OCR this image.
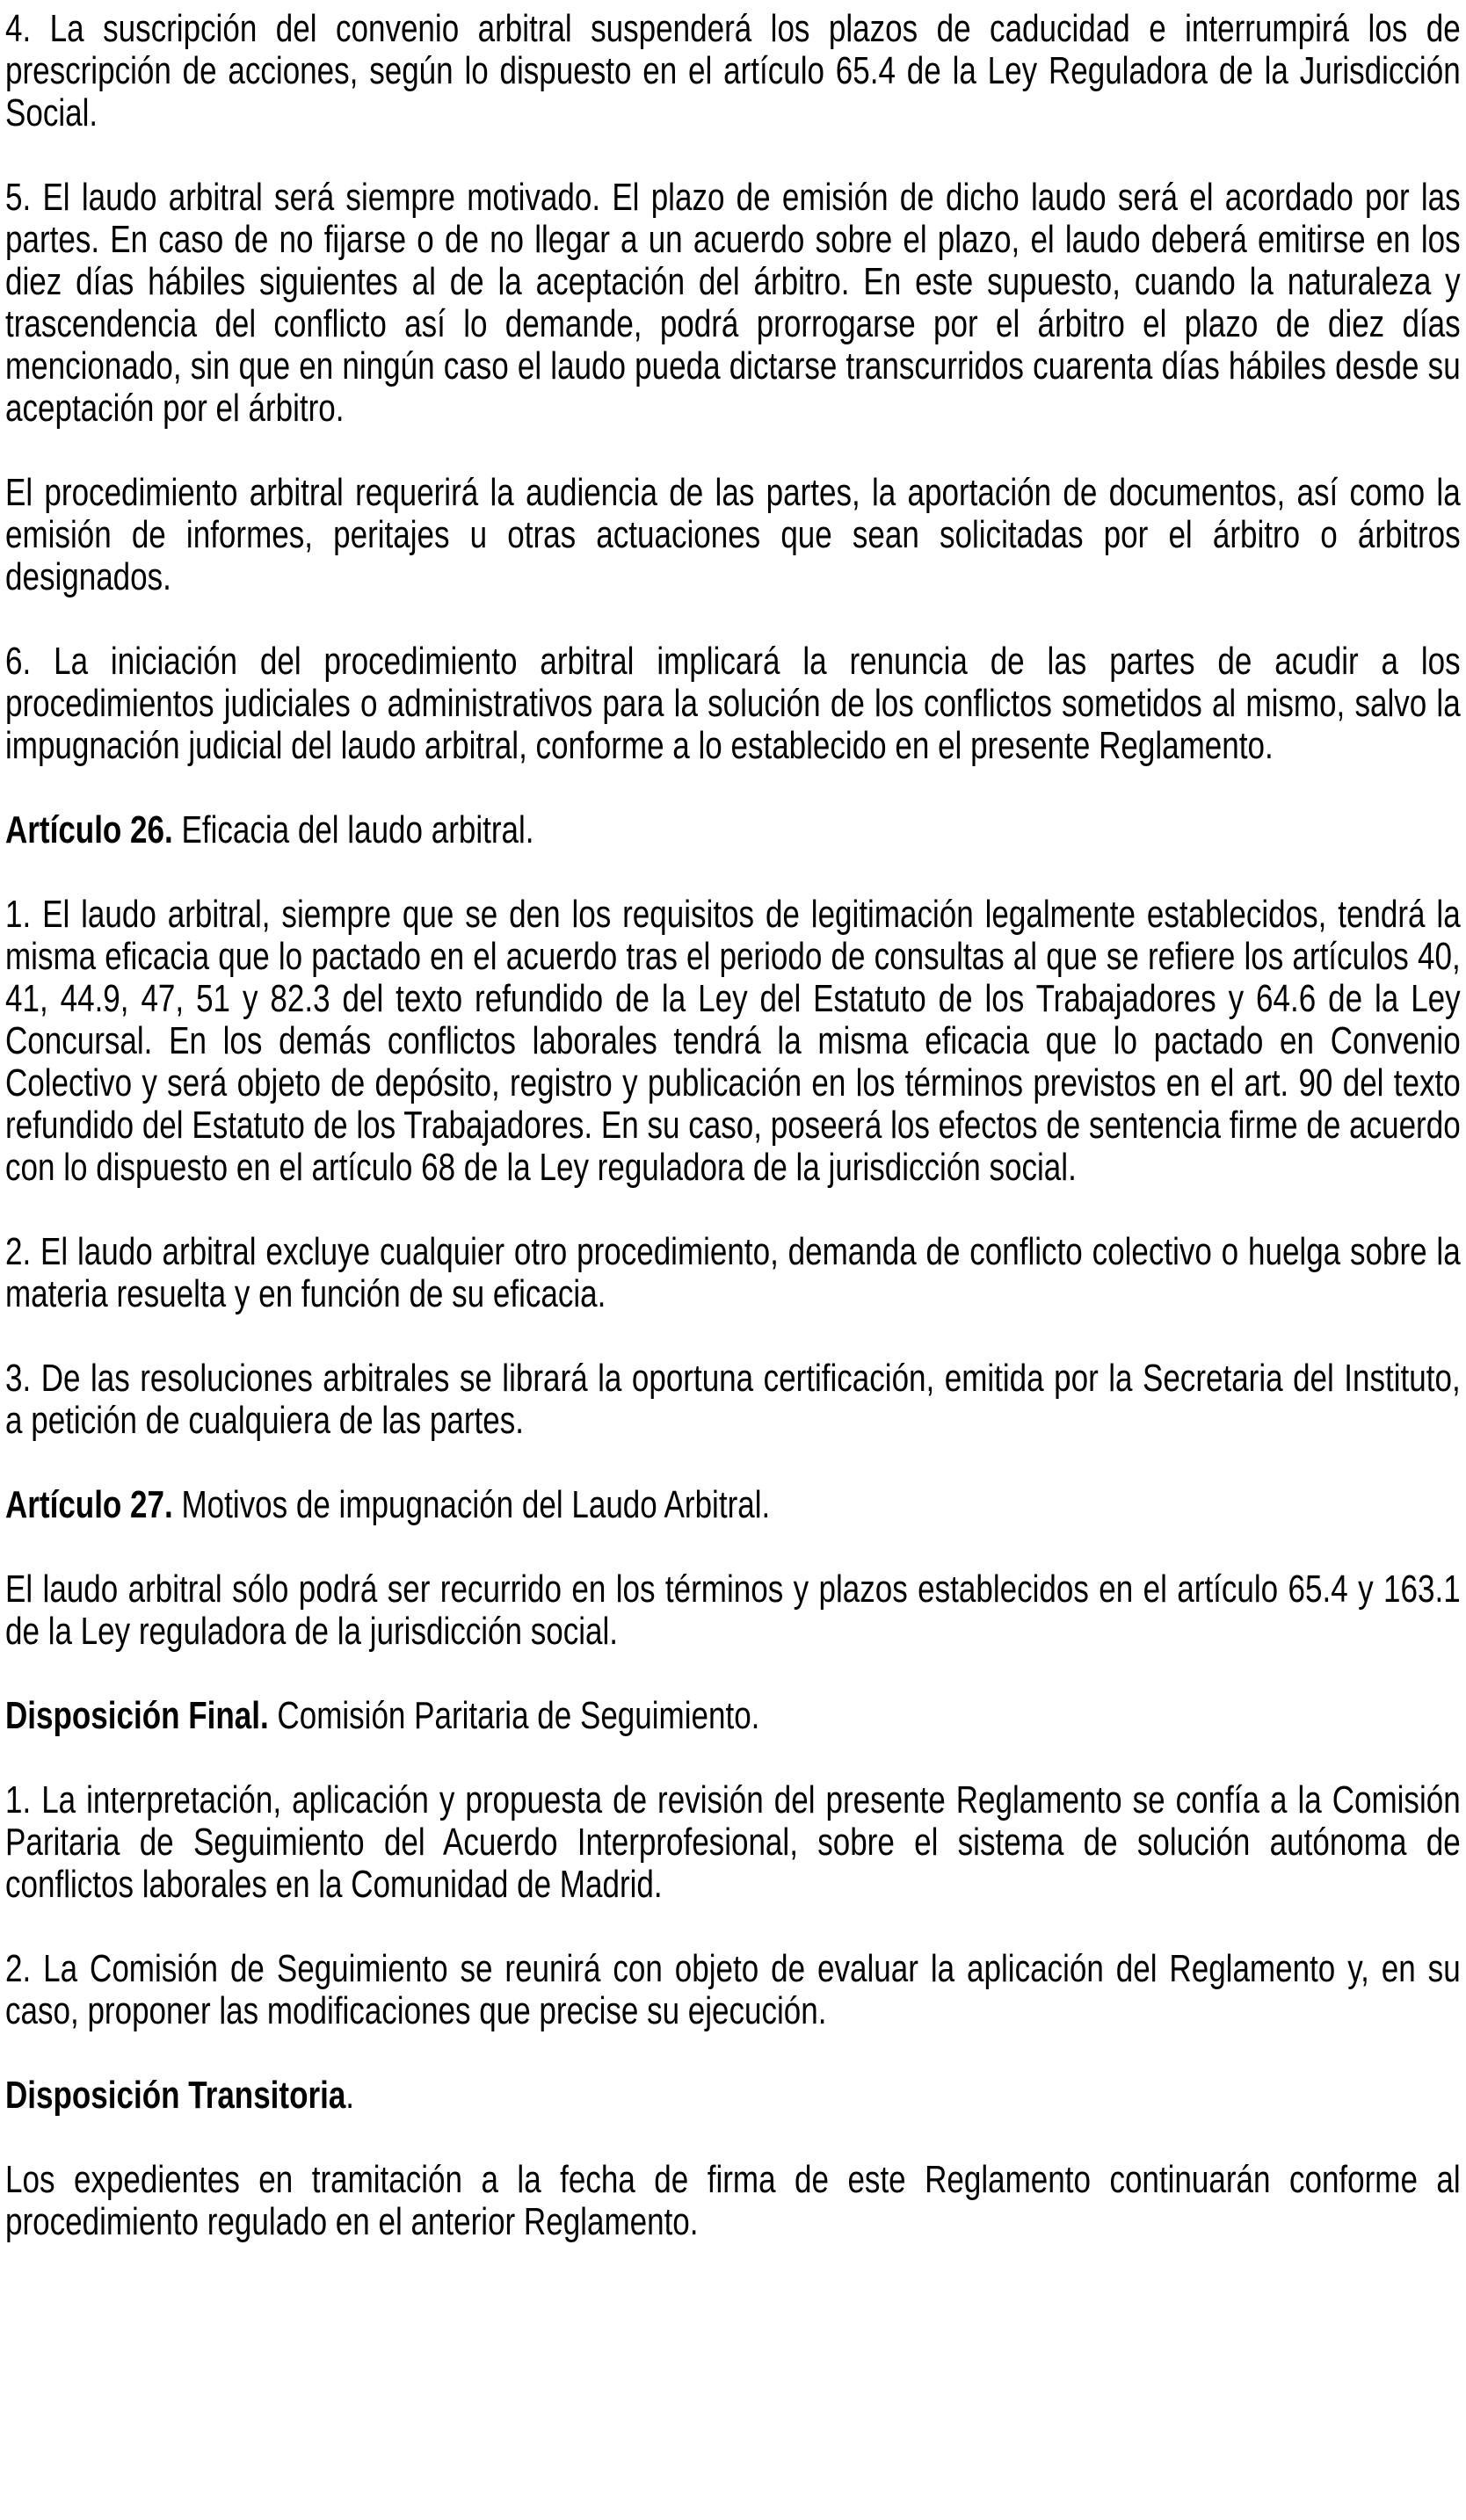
4. La suscripción del convenio arbitral suspenderá los plazos de caducidad e interrumpirá los de prescripción de acciones, según lo dispuesto en el artículo 65.4 de la Ley Reguladora de la Jurisdicción Social.

5. El laudo arbitral será siempre motivado. El plazo de emisión de dicho laudo será el acordado por las partes. En caso de no fijarse o de no llegar a un acuerdo sobre el plazo, el laudo deberá emitirse en los diez días hábiles siguientes al de la aceptación del árbitro. En este supuesto, cuando la naturaleza y trascendencia del conflicto así lo demande, podrá prorrogarse por el árbitro el plazo de diez días mencionado, sin que en ningún caso el laudo pueda dictarse transcurridos cuarenta días hábiles desde su aceptación por el árbitro.

El procedimiento arbitral requerirá la audiencia de las partes, la aportación de documentos, así como la emisión de informes, peritajes u otras actuaciones que sean solicitadas por el árbitro o árbitros designados.

6. La iniciación del procedimiento arbitral implicará la renuncia de las partes de acudir a los procedimientos judiciales o administrativos para la solución de los conflictos sometidos al mismo, salvo la impugnación judicial del laudo arbitral, conforme a lo establecido en el presente Reglamento.

Artículo 26. Eficacia del laudo arbitral.

1. El laudo arbitral, siempre que se den los requisitos de legitimación legalmente establecidos, tendrá la misma eficacia que lo pactado en el acuerdo tras el periodo de consultas al que se refiere los artículos 40, 41, 44.9, 47, 51 y 82.3 del texto refundido de la Ley del Estatuto de los Trabajadores y 64.6 de la Ley Concursal. En los demás conflictos laborales tendrá la misma eficacia que lo pactado en Convenio Colectivo y será objeto de depósito, registro y publicación en los términos previstos en el art. 90 del texto refundido del Estatuto de los Trabajadores. En su caso, poseerá los efectos de sentencia firme de acuerdo con lo dispuesto en el artículo 68 de la Ley reguladora de la jurisdicción social.

2. El laudo arbitral excluye cualquier otro procedimiento, demanda de conflicto colectivo o huelga sobre la materia resuelta y en función de su eficacia.

3. De las resoluciones arbitrales se librará la oportuna certificación, emitida por la Secretaria del Instituto, a petición de cualquiera de las partes.

Artículo 27. Motivos de impugnación del Laudo Arbitral.

El laudo arbitral sólo podrá ser recurrido en los términos y plazos establecidos en el artículo 65.4 y 163.1 de la Ley reguladora de la jurisdicción social.

Disposición Final. Comisión Paritaria de Seguimiento.

1. La interpretación, aplicación y propuesta de revisión del presente Reglamento se confía a la Comisión Paritaria de Seguimiento del Acuerdo Interprofesional, sobre el sistema de solución autónoma de conflictos laborales en la Comunidad de Madrid.

2. La Comisión de Seguimiento se reunirá con objeto de evaluar la aplicación del Reglamento y, en su caso, proponer las modificaciones que precise su ejecución.

Disposición Transitoria.

Los expedientes en tramitación a la fecha de firma de este Reglamento continuarán conforme al procedimiento regulado en el anterior Reglamento.
